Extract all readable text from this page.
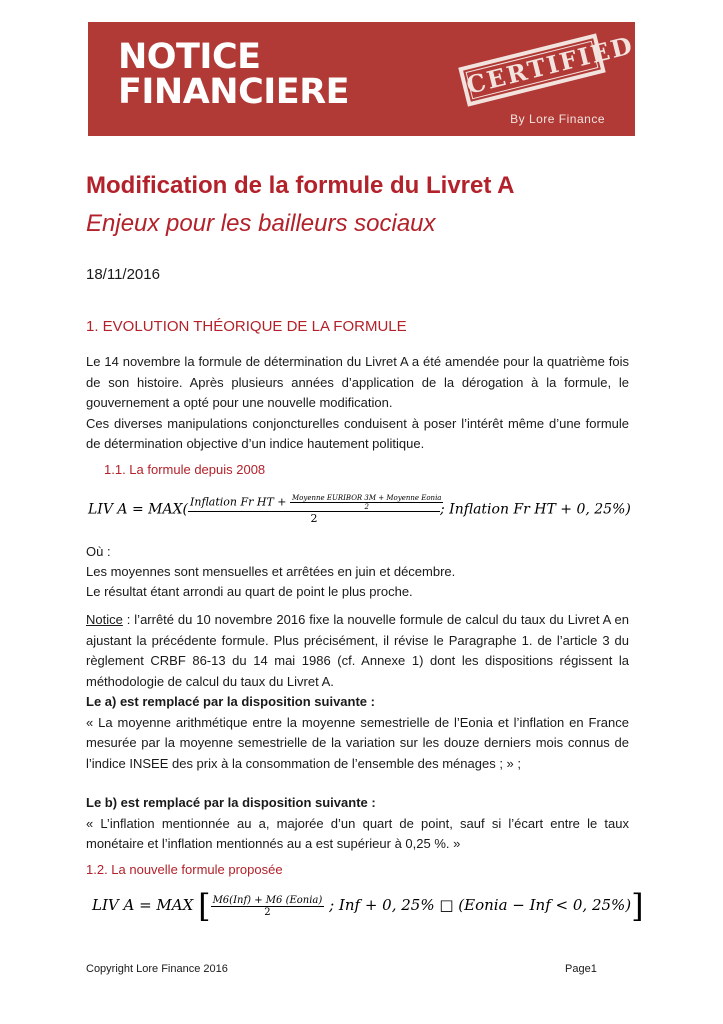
NOTICE
FINANCIERE	CERTIFIED
By Lore Finance
Modification de la formule du Livret A
Enjeux pour les bailleurs sociaux
18/11/2016
1. EVOLUTION THÉORIQUE DE LA FORMULE

Le 14 novembre la formule de détermination du Livret A a été amendée pour la quatrième fois de son histoire. Après plusieurs années d’application de la dérogation à la formule, le gouvernement a opté pour une nouvelle modification.

Ces diverses manipulations conjoncturelles conduisent à poser l’intérêt même d’une formule de détermination objective d’un indice hautement politique.

1.1. La formule depuis 2008
LIV $A = MAX( \frac{Inflation Fr HT + \frac{\text{Moyenne EURIBOR 3M + Moyenne Eonia}}{2}}{2}$ ; Inflation Fr HT + 0, 25%)

Où :

Les moyennes sont mensuelles et arrêtées en juin et décembre.

Le résultat étant arrondi au quart de point le plus proche.

Notice : l’arrêté du 10 novembre 2016 fixe la nouvelle formule de calcul du taux du Livret A en ajustant la précédente formule. Plus précisément, il révise le Paragraphe 1. de l’article 3 du règlement CRBF 86-13 du 14 mai 1986 (cf. Annexe 1) dont les dispositions régissent la méthodologie de calcul du taux du Livret A.

Le a) est remplacé par la disposition suivante :

« La moyenne arithmétique entre la moyenne semestrielle de l’Eonia et l’inflation en France mesurée par la moyenne semestrielle de la variation sur les douze derniers mois connus de l’indice INSEE des prix à la consommation de l’ensemble des ménages ; » ;

Le b) est remplacé par la disposition suivante :

« L’inflation mentionnée au a, majorée d’un quart de point, sauf si l’écart entre le taux monétaire et l’inflation mentionnés au a est supérieur à 0,25 %. »

1.2. La nouvelle formule proposée
LIV A = MAX [ $\frac{\text{M6(Inf) + M6 (Eonia)}}{2}$ ; Inf + 0, 25% □ (Eonia − Inf < 0, 25%)]
Copyright Lore Finance 2016	Page1
